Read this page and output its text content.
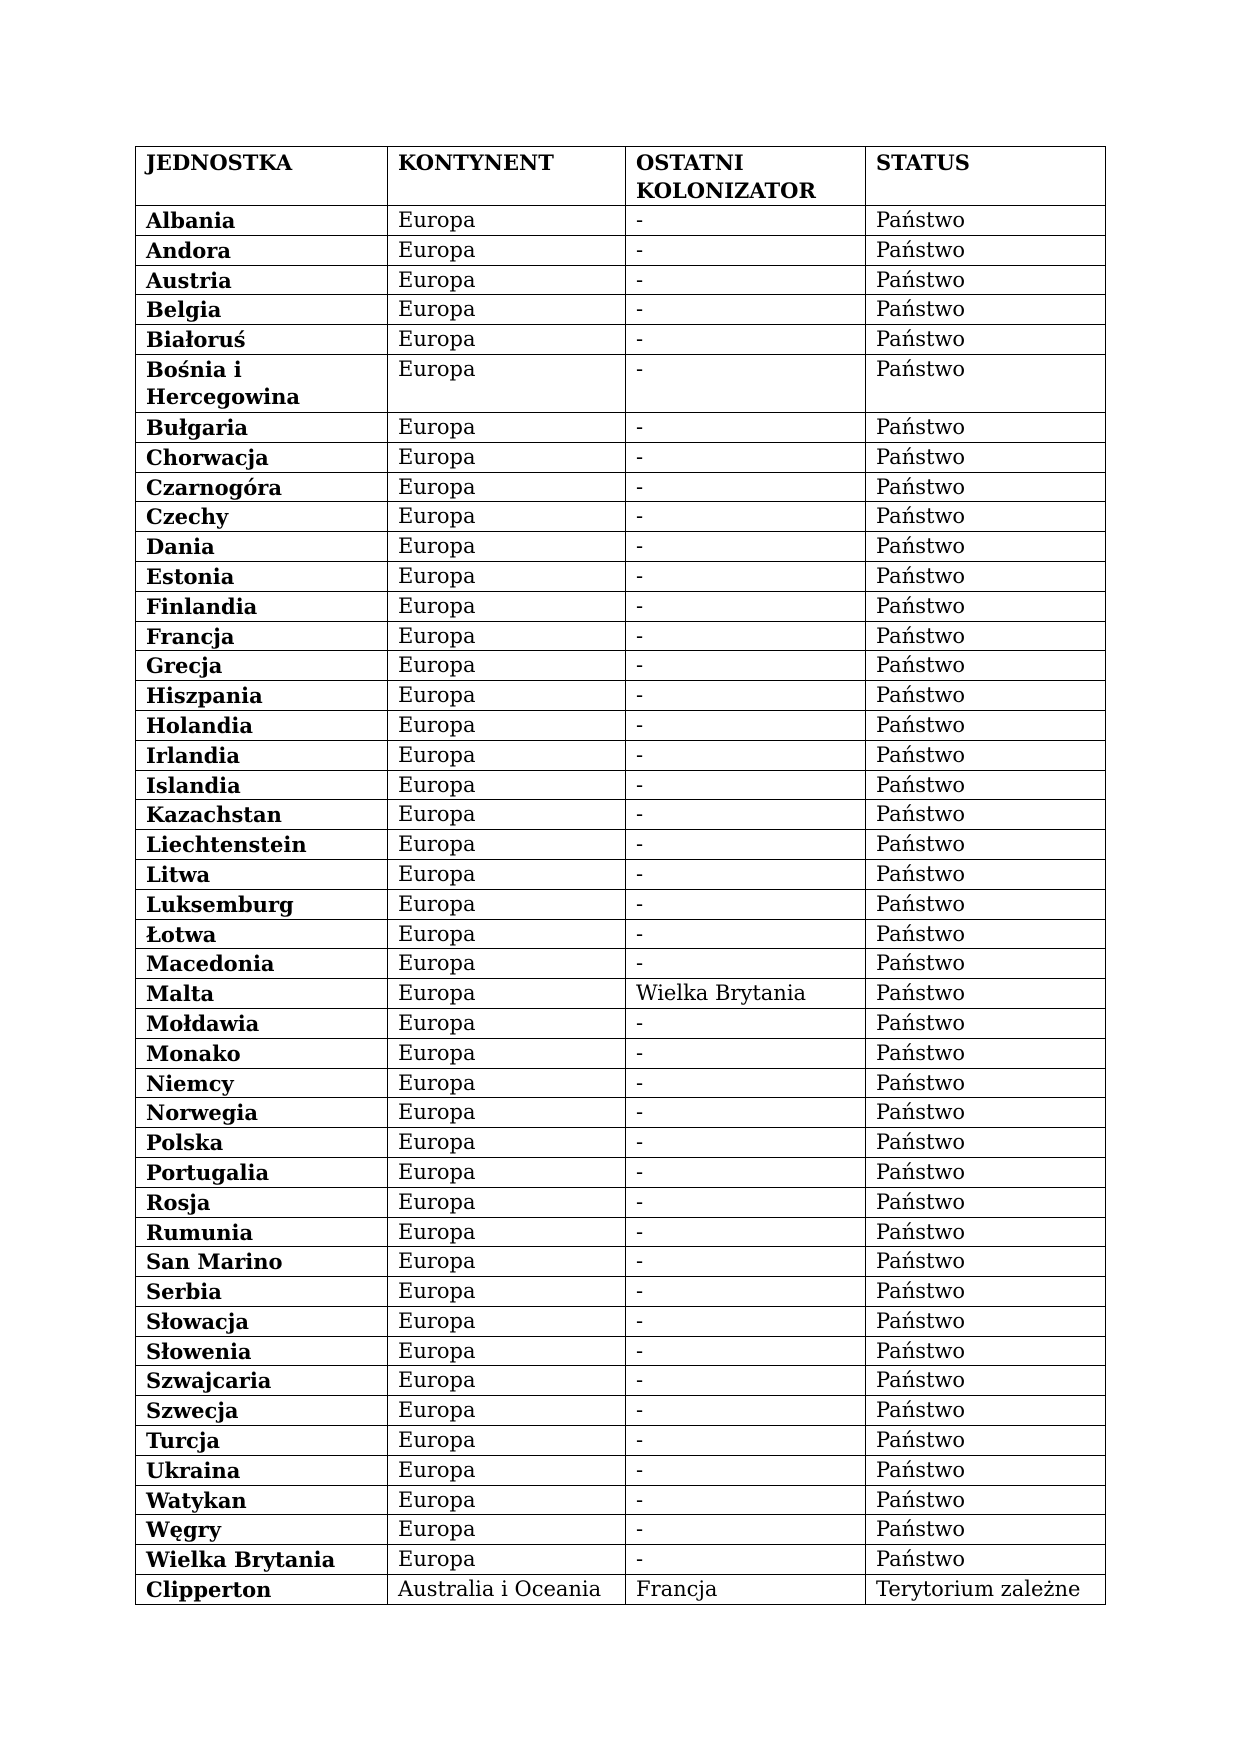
JEDNOSTKA	KONTYNENT	OSTATNI KOLONIZATOR	STATUS
Albania	Europa	-	Państwo
Andora	Europa	-	Państwo
Austria	Europa	-	Państwo
Belgia	Europa	-	Państwo
Białoruś	Europa	-	Państwo
Bośnia i Hercegowina	Europa	-	Państwo
Bułgaria	Europa	-	Państwo
Chorwacja	Europa	-	Państwo
Czarnogóra	Europa	-	Państwo
Czechy	Europa	-	Państwo
Dania	Europa	-	Państwo
Estonia	Europa	-	Państwo
Finlandia	Europa	-	Państwo
Francja	Europa	-	Państwo
Grecja	Europa	-	Państwo
Hiszpania	Europa	-	Państwo
Holandia	Europa	-	Państwo
Irlandia	Europa	-	Państwo
Islandia	Europa	-	Państwo
Kazachstan	Europa	-	Państwo
Liechtenstein	Europa	-	Państwo
Litwa	Europa	-	Państwo
Luksemburg	Europa	-	Państwo
Łotwa	Europa	-	Państwo
Macedonia	Europa	-	Państwo
Malta	Europa	Wielka Brytania	Państwo
Mołdawia	Europa	-	Państwo
Monako	Europa	-	Państwo
Niemcy	Europa	-	Państwo
Norwegia	Europa	-	Państwo
Polska	Europa	-	Państwo
Portugalia	Europa	-	Państwo
Rosja	Europa	-	Państwo
Rumunia	Europa	-	Państwo
San Marino	Europa	-	Państwo
Serbia	Europa	-	Państwo
Słowacja	Europa	-	Państwo
Słowenia	Europa	-	Państwo
Szwajcaria	Europa	-	Państwo
Szwecja	Europa	-	Państwo
Turcja	Europa	-	Państwo
Ukraina	Europa	-	Państwo
Watykan	Europa	-	Państwo
Węgry	Europa	-	Państwo
Wielka Brytania	Europa	-	Państwo
Clipperton	Australia i Oceania	Francja	Terytorium zależne
